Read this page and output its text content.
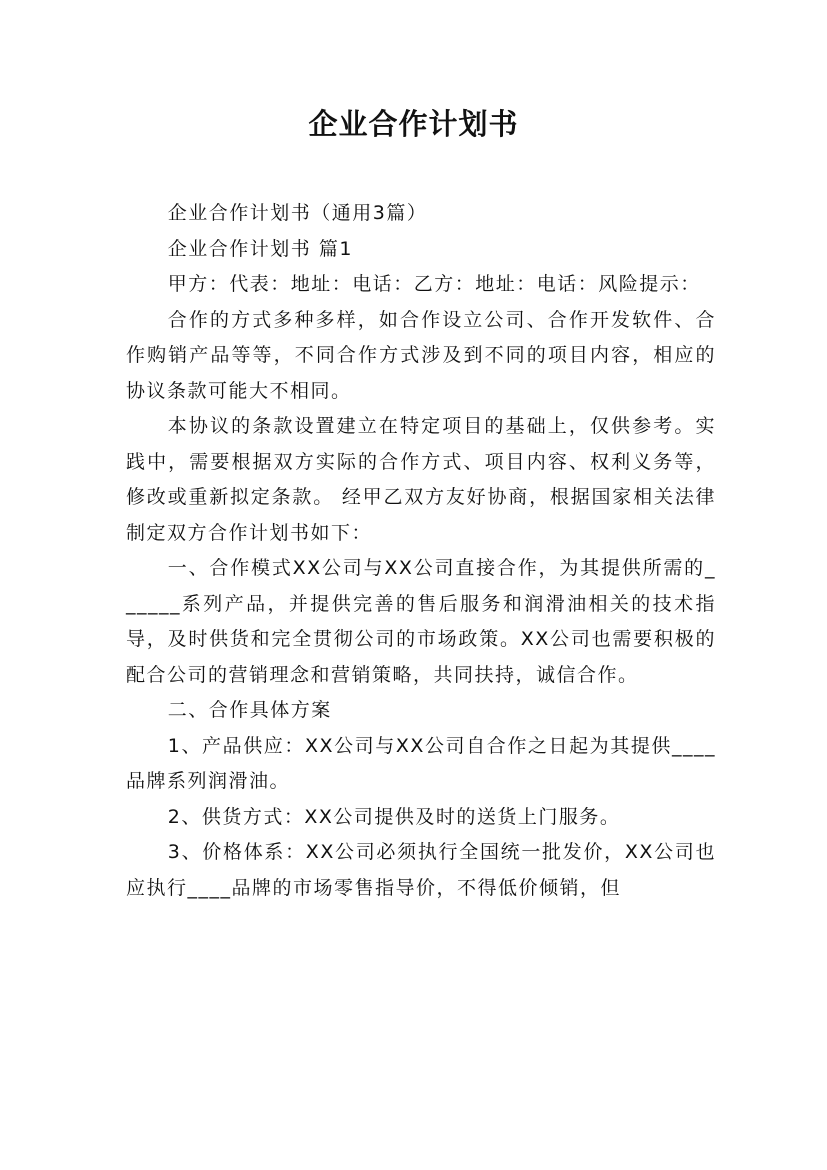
企业合作计划书

企业合作计划书（通用3篇）

企业合作计划书 篇1

甲方：代表：地址：电话：乙方：地址：电话：风险提示：

合作的方式多种多样，如合作设立公司、合作开发软件、合作购销产品等等，不同合作方式涉及到不同的项目内容，相应的协议条款可能大不相同。

本协议的条款设置建立在特定项目的基础上，仅供参考。实践中，需要根据双方实际的合作方式、项目内容、权利义务等，修改或重新拟定条款。 经甲乙双方友好协商，根据国家相关法律制定双方合作计划书如下：

一、合作模式XX公司与XX公司直接合作，为其提供所需的______系列产品，并提供完善的售后服务和润滑油相关的技术指导，及时供货和完全贯彻公司的市场政策。XX公司也需要积极的配合公司的营销理念和营销策略，共同扶持，诚信合作。

二、合作具体方案

1、产品供应：XX公司与XX公司自合作之日起为其提供____品牌系列润滑油。

2、供货方式：XX公司提供及时的送货上门服务。

3、价格体系：XX公司必须执行全国统一批发价，XX公司也应执行____品牌的市场零售指导价，不得低价倾销，但
